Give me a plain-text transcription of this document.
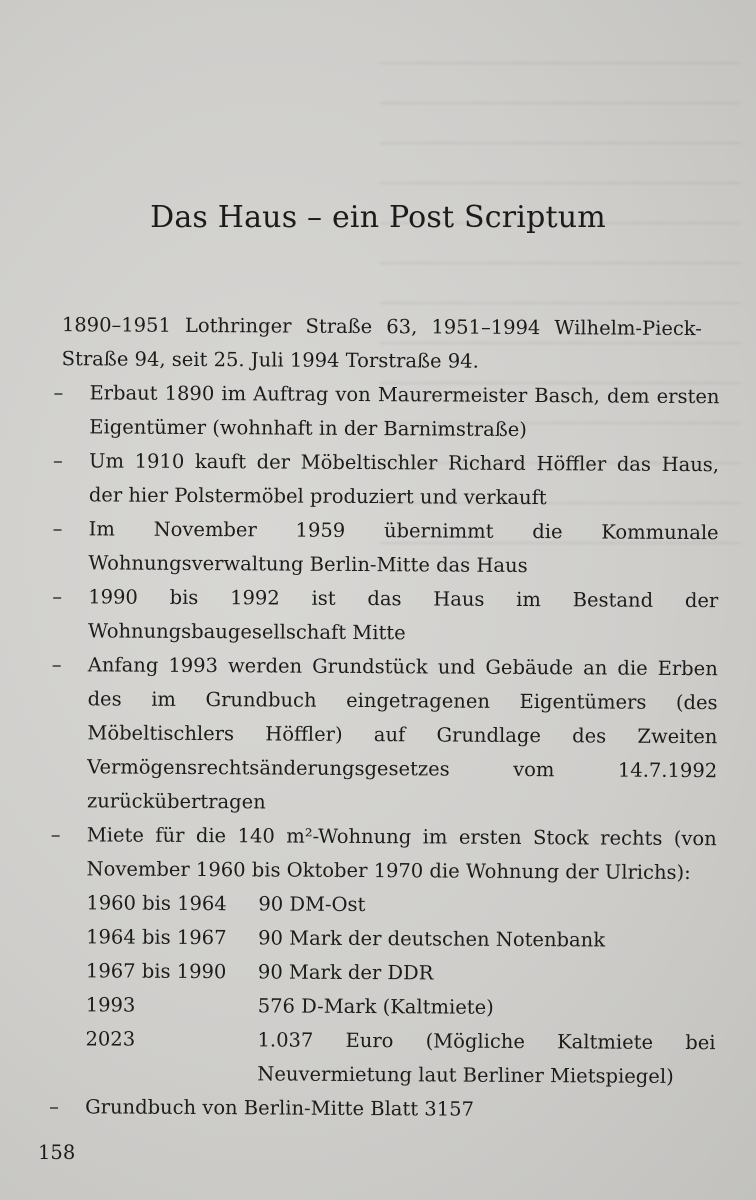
Das Haus – ein Post Scriptum

1890–1951 Lothringer Straße 63, 1951–1994 Wilhelm-Pieck-Straße 94, seit 25. Juli 1994 Torstraße 94.

– Erbaut 1890 im Auftrag von Maurermeister Basch, dem ersten Eigentümer (wohnhaft in der Barnimstraße)
– Um 1910 kauft der Möbeltischler Richard Höffler das Haus, der hier Polstermöbel produziert und verkauft
– Im November 1959 übernimmt die Kommunale Wohnungsverwaltung Berlin-Mitte das Haus
– 1990 bis 1992 ist das Haus im Bestand der Wohnungsbaugesellschaft Mitte
– Anfang 1993 werden Grundstück und Gebäude an die Erben des im Grundbuch eingetragenen Eigentümers (des Möbeltischlers Höffler) auf Grundlage des Zweiten Vermögensrechtsänderungsgesetzes vom 14.7.1992 zurückübertragen
– Miete für die 140 m²-Wohnung im ersten Stock rechts (von November 1960 bis Oktober 1970 die Wohnung der Ulrichs):
1960 bis 1964	90 DM-Ost
1964 bis 1967	90 Mark der deutschen Notenbank
1967 bis 1990	90 Mark der DDR
1993	576 D-Mark (Kaltmiete)
2023	1.037 Euro (Mögliche Kaltmiete bei Neuvermietung laut Berliner Mietspiegel)
– Grundbuch von Berlin-Mitte Blatt 3157
158
